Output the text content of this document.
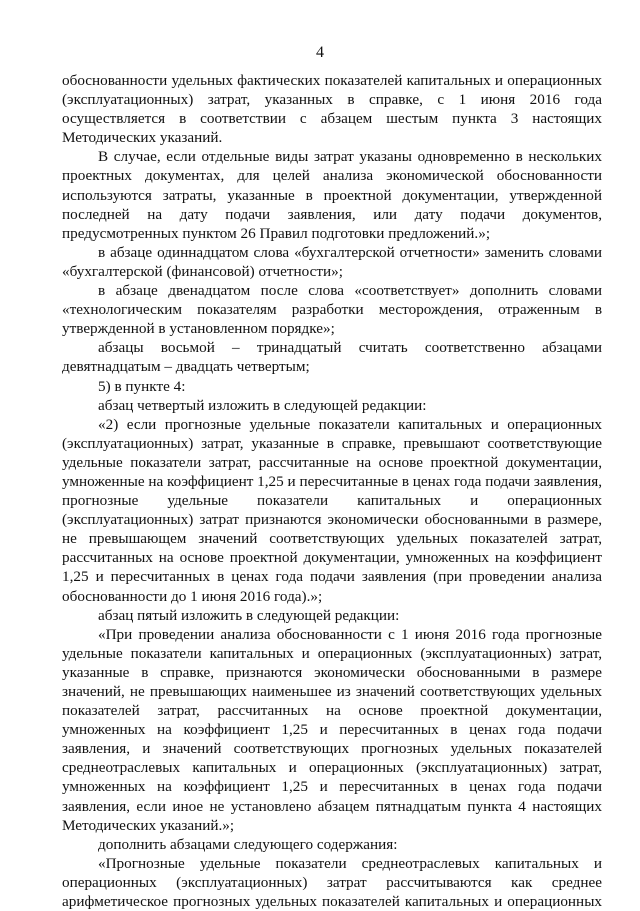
4

обоснованности удельных фактических показателей капитальных и операционных (эксплуатационных) затрат, указанных в справке, с 1 июня 2016 года осуществляется в соответствии с абзацем шестым пункта 3 настоящих Методических указаний.

В случае, если отдельные виды затрат указаны одновременно в нескольких проектных документах, для целей анализа экономической обоснованности используются затраты, указанные в проектной документации, утвержденной последней на дату подачи заявления, или дату подачи документов, предусмотренных пунктом 26 Правил подготовки предложений.»;

в абзаце одиннадцатом слова «бухгалтерской отчетности» заменить словами «бухгалтерской (финансовой) отчетности»;

в абзаце двенадцатом после слова «соответствует» дополнить словами «технологическим показателям разработки месторождения, отраженным в утвержденной в установленном порядке»;

абзацы восьмой – тринадцатый считать соответственно абзацами девятнадцатым – двадцать четвертым;

5) в пункте 4:

абзац четвертый изложить в следующей редакции:

«2) если прогнозные удельные показатели капитальных и операционных (эксплуатационных) затрат, указанные в справке, превышают соответствующие удельные показатели затрат, рассчитанные на основе проектной документации, умноженные на коэффициент 1,25 и пересчитанные в ценах года подачи заявления, прогнозные удельные показатели капитальных и операционных (эксплуатационных) затрат признаются экономически обоснованными в размере, не превышающем значений соответствующих удельных показателей затрат, рассчитанных на основе проектной документации, умноженных на коэффициент 1,25 и пересчитанных в ценах года подачи заявления (при проведении анализа обоснованности до 1 июня 2016 года).»;

абзац пятый изложить в следующей редакции:

«При проведении анализа обоснованности с 1 июня 2016 года прогнозные удельные показатели капитальных и операционных (эксплуатационных) затрат, указанные в справке, признаются экономически обоснованными в размере значений, не превышающих наименьшее из значений соответствующих удельных показателей затрат, рассчитанных на основе проектной документации, умноженных на коэффициент 1,25 и пересчитанных в ценах года подачи заявления, и значений соответствующих прогнозных удельных показателей среднеотраслевых капитальных и операционных (эксплуатационных) затрат, умноженных на коэффициент 1,25 и пересчитанных в ценах года подачи заявления, если иное не установлено абзацем пятнадцатым пункта 4 настоящих Методических указаний.»;

дополнить абзацами следующего содержания:

«Прогнозные удельные показатели среднеотраслевых капитальных и операционных (эксплуатационных) затрат рассчитываются как среднее арифметическое прогнозных удельных показателей капитальных и операционных
